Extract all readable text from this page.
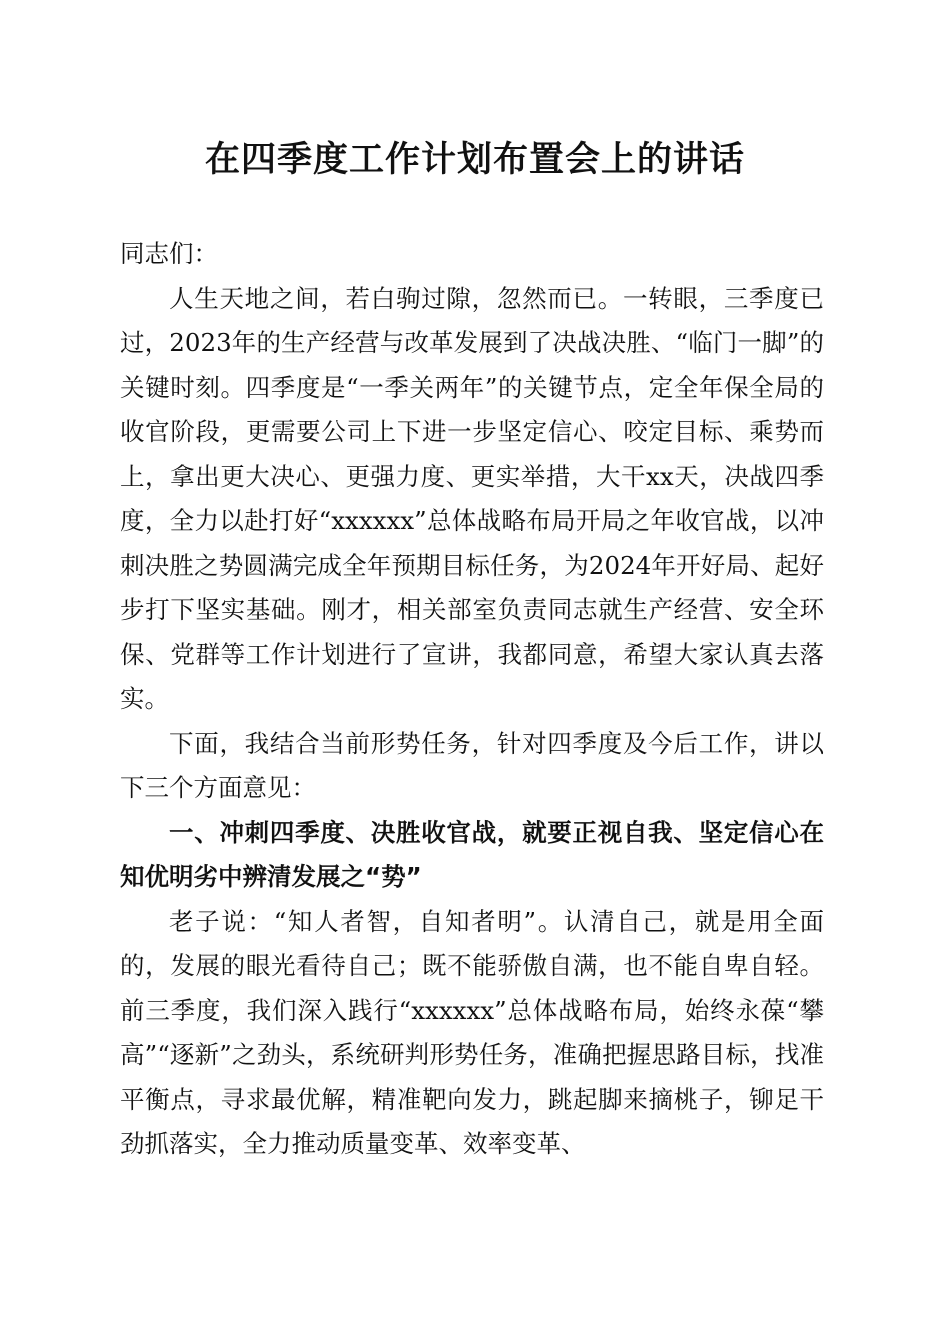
在四季度工作计划布置会上的讲话

同志们：

人生天地之间，若白驹过隙，忽然而已。一转眼，三季度已过，2023年的生产经营与改革发展到了决战决胜、“临门一脚”的关键时刻。四季度是“一季关两年”的关键节点，定全年保全局的收官阶段，更需要公司上下进一步坚定信心、咬定目标、乘势而上，拿出更大决心、更强力度、更实举措，大干xx天，决战四季度，全力以赴打好“xxxxxx”总体战略布局开局之年收官战，以冲刺决胜之势圆满完成全年预期目标任务，为2024年开好局、起好步打下坚实基础。刚才，相关部室负责同志就生产经营、安全环保、党群等工作计划进行了宣讲，我都同意，希望大家认真去落实。

下面，我结合当前形势任务，针对四季度及今后工作，讲以下三个方面意见：

一、冲刺四季度、决胜收官战，就要正视自我、坚定信心在知优明劣中辨清发展之“势”

老子说：“知人者智，自知者明”。认清自己，就是用全面的，发展的眼光看待自己；既不能骄傲自满，也不能自卑自轻。前三季度，我们深入践行“xxxxxx”总体战略布局，始终永葆“攀高”“逐新”之劲头，系统研判形势任务，准确把握思路目标，找准平衡点，寻求最优解，精准靶向发力，跳起脚来摘桃子，铆足干劲抓落实，全力推动质量变革、效率变革、
